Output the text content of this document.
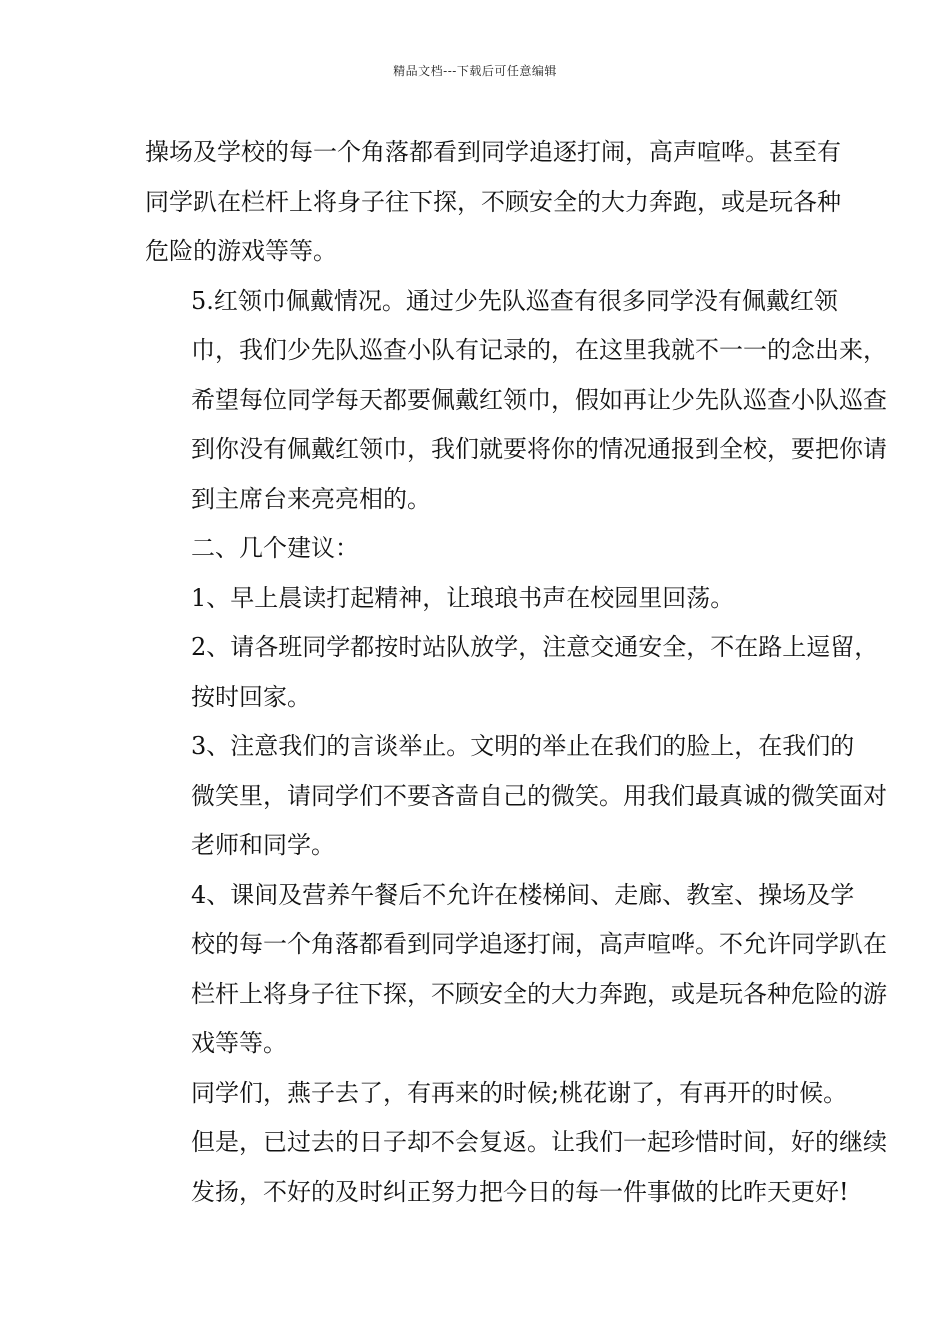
精品文档---下载后可任意编辑

操场及学校的每一个角落都看到同学追逐打闹，高声喧哗。甚至有
同学趴在栏杆上将身子往下探，不顾安全的大力奔跑，或是玩各种
危险的游戏等等。

5.红领巾佩戴情况。通过少先队巡查有很多同学没有佩戴红领
巾，我们少先队巡查小队有记录的，在这里我就不一一的念出来，
希望每位同学每天都要佩戴红领巾，假如再让少先队巡查小队巡查
到你没有佩戴红领巾，我们就要将你的情况通报到全校，要把你请
到主席台来亮亮相的。

二、几个建议：

1、早上晨读打起精神，让琅琅书声在校园里回荡。

2、请各班同学都按时站队放学，注意交通安全，不在路上逗留，
按时回家。

3、注意我们的言谈举止。文明的举止在我们的脸上，在我们的
微笑里，请同学们不要吝啬自己的微笑。用我们最真诚的微笑面对
老师和同学。

4、课间及营养午餐后不允许在楼梯间、走廊、教室、操场及学
校的每一个角落都看到同学追逐打闹，高声喧哗。不允许同学趴在
栏杆上将身子往下探，不顾安全的大力奔跑，或是玩各种危险的游
戏等等。

同学们，燕子去了，有再来的时候;桃花谢了，有再开的时候。
但是，已过去的日子却不会复返。让我们一起珍惜时间，好的继续
发扬，不好的及时纠正努力把今日的每一件事做的比昨天更好!
